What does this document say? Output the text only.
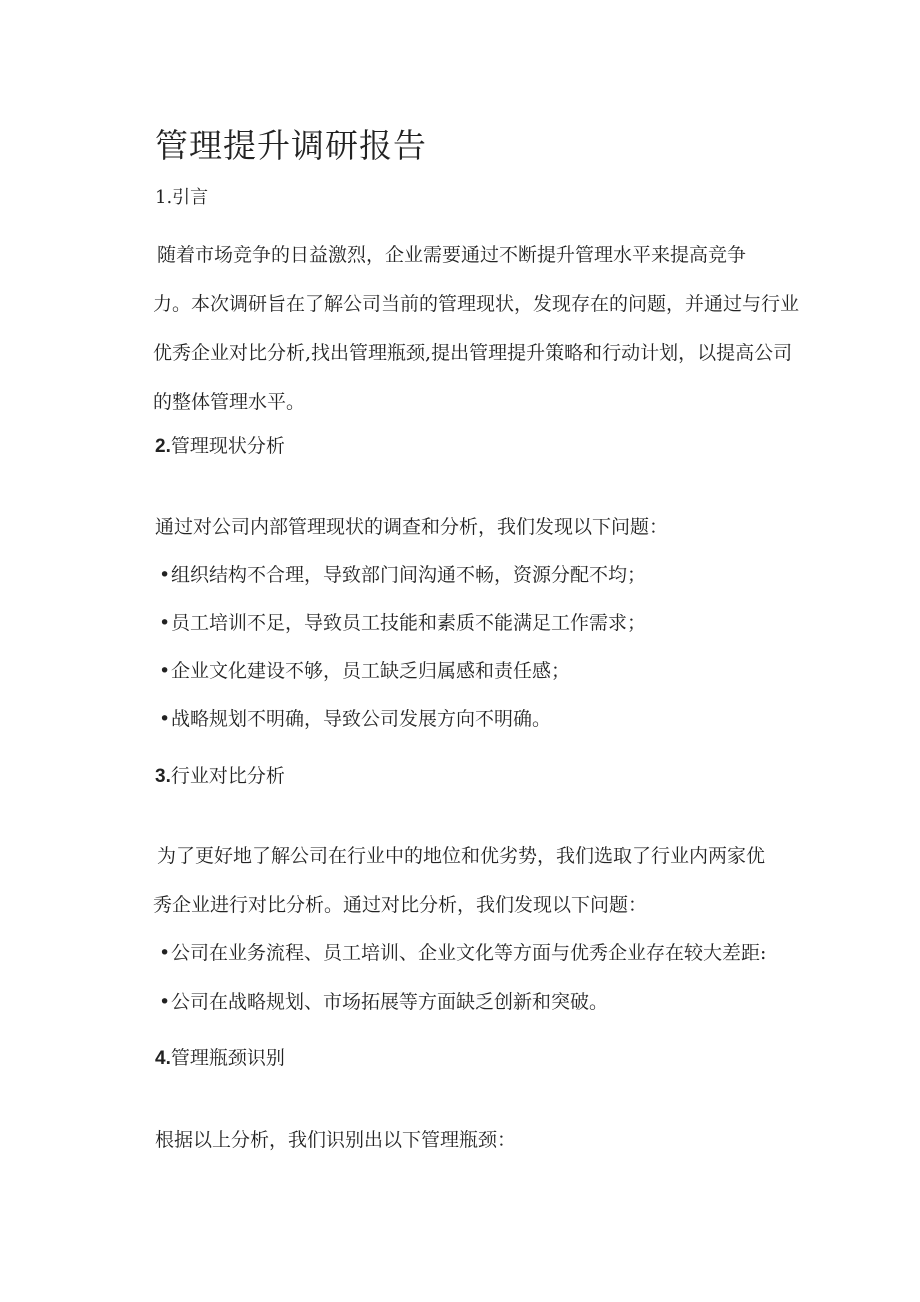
管理提升调研报告
1.引言

随着市场竞争的日益激烈，企业需要通过不断提升管理水平来提高竞争
力。本次调研旨在了解公司当前的管理现状，发现存在的问题，并通过与行业
优秀企业对比分析,找出管理瓶颈,提出管理提升策略和行动计划，以提高公司
的整体管理水平。

2.管理现状分析

通过对公司内部管理现状的调查和分析，我们发现以下问题：

•组织结构不合理，导致部门间沟通不畅，资源分配不均；

•员工培训不足，导致员工技能和素质不能满足工作需求；

•企业文化建设不够，员工缺乏归属感和责任感；

•战略规划不明确，导致公司发展方向不明确。

3.行业对比分析

为了更好地了解公司在行业中的地位和优劣势，我们选取了行业内两家优
秀企业进行对比分析。通过对比分析，我们发现以下问题：

•公司在业务流程、员工培训、企业文化等方面与优秀企业存在较大差距:

•公司在战略规划、市场拓展等方面缺乏创新和突破。

4.管理瓶颈识别

根据以上分析，我们识别出以下管理瓶颈：
